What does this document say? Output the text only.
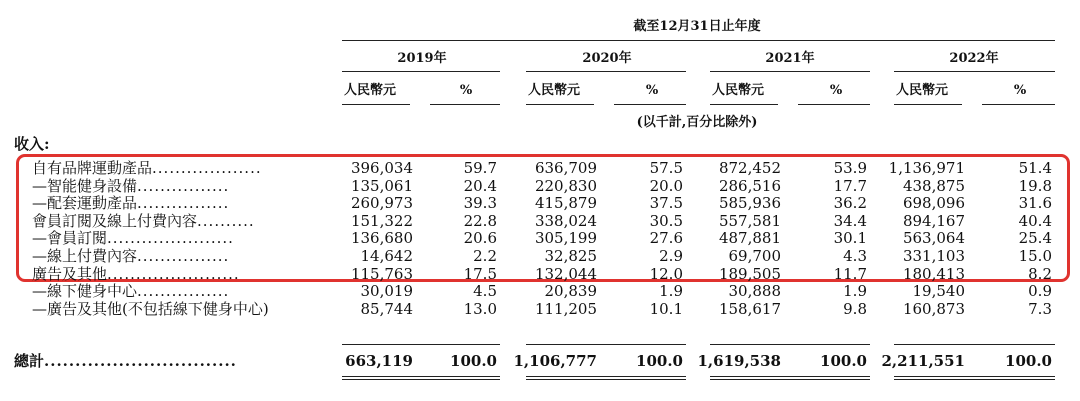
截至12月31日止年度
2019年	2020年	2021年	2022年
人民幣元	%	人民幣元	%	人民幣元	%	人民幣元	%
(以千計,百分比除外)
收入:
自有品牌運動產品...................	396,034	59.7	636,709	57.5	872,452	53.9	1,136,971	51.4
—智能健身設備................	135,061	20.4	220,830	20.0	286,516	17.7	438,875	19.8
—配套運動產品................	260,973	39.3	415,879	37.5	585,936	36.2	698,096	31.6
會員訂閱及線上付費內容..........	151,322	22.8	338,024	30.5	557,581	34.4	894,167	40.4
—會員訂閱......................	136,680	20.6	305,199	27.6	487,881	30.1	563,064	25.4
—線上付費內容................	14,642	2.2	32,825	2.9	69,700	4.3	331,103	15.0
廣告及其他.......................	115,763	17.5	132,044	12.0	189,505	11.7	180,413	8.2
—線下健身中心................	30,019	4.5	20,839	1.9	30,888	1.9	19,540	0.9
—廣告及其他(不包括線下健身中心)	85,744	13.0	111,205	10.1	158,617	9.8	160,873	7.3
總計...............................	663,119	100.0	1,106,777	100.0 1,619,538	100.0 2,211,551	100.0
